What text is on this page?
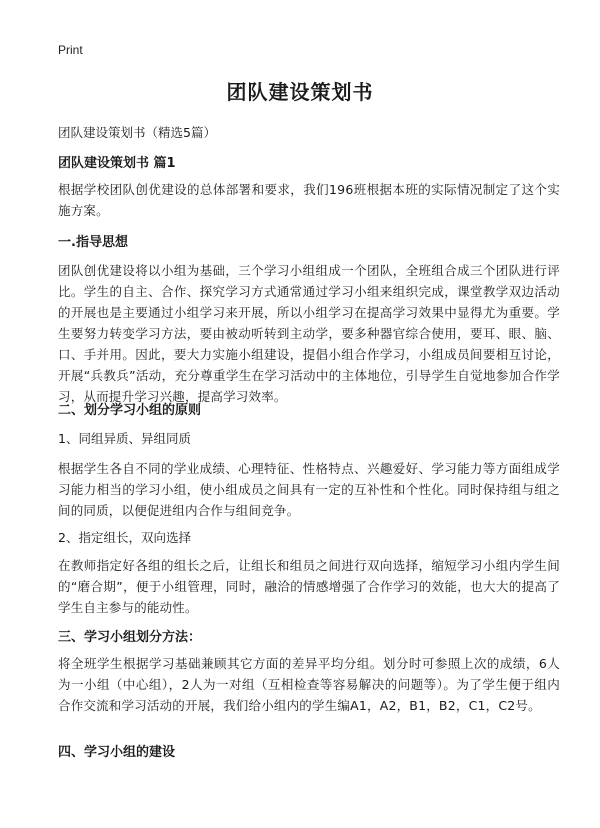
Print
团队建设策划书
团队建设策划书（精选5篇）
团队建设策划书 篇1

根据学校团队创优建设的总体部署和要求，我们196班根据本班的实际情况制定了这个实施方案。

一.指导思想

团队创优建设将以小组为基础，三个学习小组组成一个团队，全班组合成三个团队进行评比。学生的自主、合作、探究学习方式通常通过学习小组来组织完成，课堂教学双边活动的开展也是主要通过小组学习来开展，所以小组学习在提高学习效果中显得尤为重要。学生要努力转变学习方法，要由被动听转到主动学，要多种器官综合使用，要耳、眼、脑、口、手并用。因此，要大力实施小组建设，提倡小组合作学习，小组成员间要相互讨论，开展“兵教兵”活动，充分尊重学生在学习活动中的主体地位，引导学生自觉地参加合作学习，从而提升学习兴趣，提高学习效率。

二、划分学习小组的原则
1、同组异质、异组同质

根据学生各自不同的学业成绩、心理特征、性格特点、兴趣爱好、学习能力等方面组成学习能力相当的学习小组，使小组成员之间具有一定的互补性和个性化。同时保持组与组之间的同质，以便促进组内合作与组间竞争。

2、指定组长，双向选择

在教师指定好各组的组长之后，让组长和组员之间进行双向选择，缩短学习小组内学生间的“磨合期”，便于小组管理，同时，融洽的情感增强了合作学习的效能，也大大的提高了学生自主参与的能动性。

三、学习小组划分方法：

将全班学生根据学习基础兼顾其它方面的差异平均分组。划分时可参照上次的成绩，6人为一小组（中心组），2人为一对组（互相检查等容易解决的问题等）。为了学生便于组内合作交流和学习活动的开展，我们给小组内的学生编A1，A2，B1，B2，C1，C2号。

四、学习小组的建设
